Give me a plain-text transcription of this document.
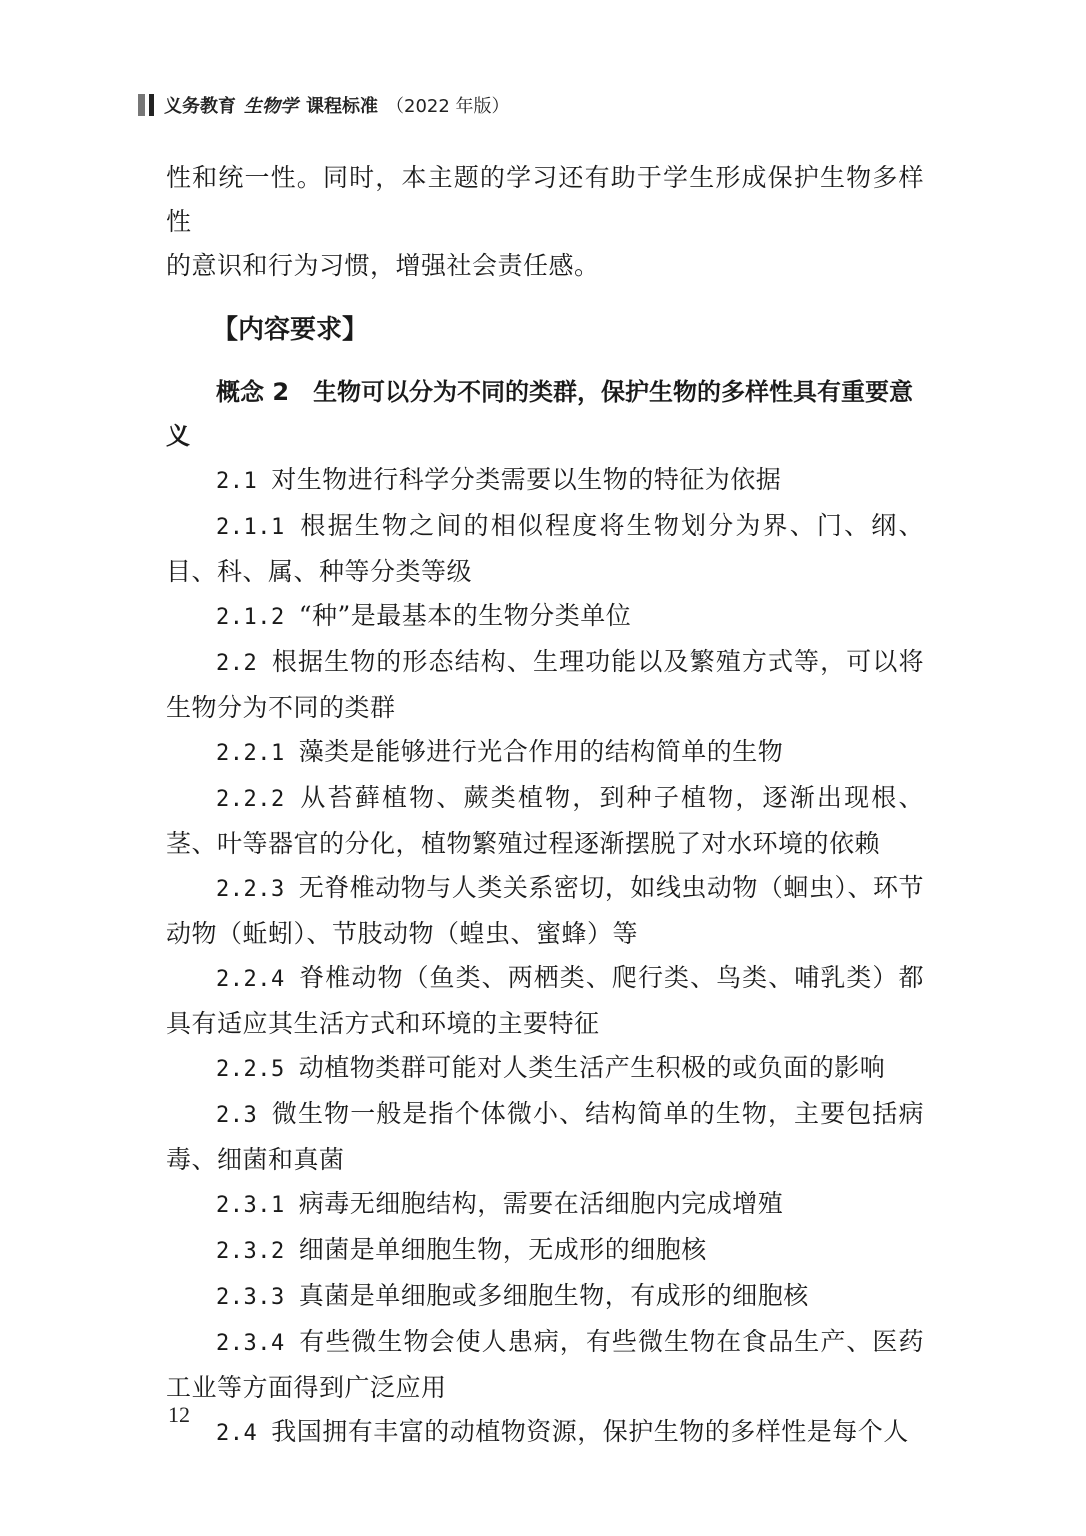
义务教育 生物学 课程标准 （2022 年版）

性和统一性。同时，本主题的学习还有助于学生形成保护生物多样性
的意识和行为习惯，增强社会责任感。

【内容要求】

概念 2 生物可以分为不同的类群，保护生物的多样性具有重要意义

2.1 对生物进行科学分类需要以生物的特征为依据

2.1.1 根据生物之间的相似程度将生物划分为界、门、纲、目、科、属、种等分类等级

2.1.2 “种”是最基本的生物分类单位

2.2 根据生物的形态结构、生理功能以及繁殖方式等，可以将生物分为不同的类群

2.2.1 藻类是能够进行光合作用的结构简单的生物

2.2.2 从苔藓植物、蕨类植物，到种子植物，逐渐出现根、茎、叶等器官的分化，植物繁殖过程逐渐摆脱了对水环境的依赖

2.2.3 无脊椎动物与人类关系密切，如线虫动物（蛔虫）、环节动物（蚯蚓）、节肢动物（蝗虫、蜜蜂）等

2.2.4 脊椎动物（鱼类、两栖类、爬行类、鸟类、哺乳类）都具有适应其生活方式和环境的主要特征

2.2.5 动植物类群可能对人类生活产生积极的或负面的影响

2.3 微生物一般是指个体微小、结构简单的生物，主要包括病毒、细菌和真菌

2.3.1 病毒无细胞结构，需要在活细胞内完成增殖

2.3.2 细菌是单细胞生物，无成形的细胞核

2.3.3 真菌是单细胞或多细胞生物，有成形的细胞核

2.3.4 有些微生物会使人患病，有些微生物在食品生产、医药工业等方面得到广泛应用

2.4 我国拥有丰富的动植物资源，保护生物的多样性是每个人

12
